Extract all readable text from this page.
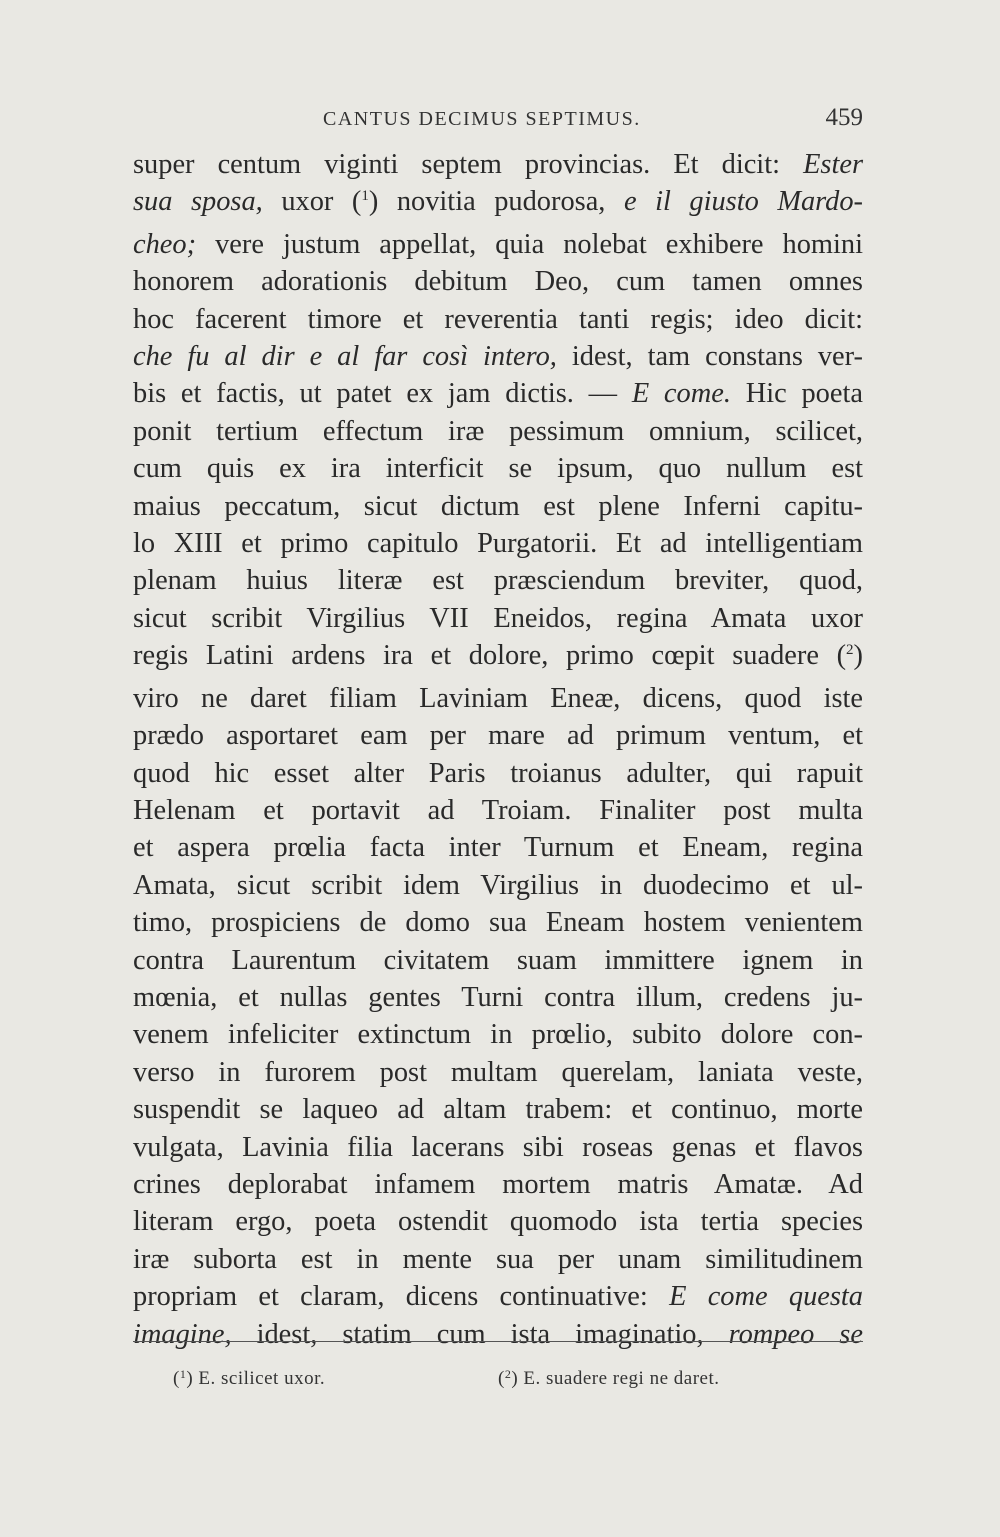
CANTUS DECIMUS SEPTIMUS.	459
super centum viginti septem provincias. Et dicit: Ester
sua sposa, uxor ($^1$) novitia pudorosa, e il giusto Mardo-
cheo; vere justum appellat, quia nolebat exhibere homini
honorem adorationis debitum Deo, cum tamen omnes
hoc facerent timore et reverentia tanti regis; ideo dicit:
che fu al dir e al far così intero, idest, tam constans ver-
bis et factis, ut patet ex jam dictis. — E come. Hic poeta
ponit tertium effectum iræ pessimum omnium, scilicet,
cum quis ex ira interficit se ipsum, quo nullum est
maius peccatum, sicut dictum est plene Inferni capitu-
lo XIII et primo capitulo Purgatorii. Et ad intelligentiam
plenam huius literæ est præsciendum breviter, quod,
sicut scribit Virgilius VII Eneidos, regina Amata uxor
regis Latini ardens ira et dolore, primo cœpit suadere ($^2$)
viro ne daret filiam Laviniam Eneæ, dicens, quod iste
prædo asportaret eam per mare ad primum ventum, et
quod hic esset alter Paris troianus adulter, qui rapuit
Helenam et portavit ad Troiam. Finaliter post multa
et aspera prœlia facta inter Turnum et Eneam, regina
Amata, sicut scribit idem Virgilius in duodecimo et ul-
timo, prospiciens de domo sua Eneam hostem venientem
contra Laurentum civitatem suam immittere ignem in
mœnia, et nullas gentes Turni contra illum, credens ju-
venem infeliciter extinctum in prœlio, subito dolore con-
verso in furorem post multam querelam, laniata veste,
suspendit se laqueo ad altam trabem: et continuo, morte
vulgata, Lavinia filia lacerans sibi roseas genas et flavos
crines deplorabat infamem mortem matris Amatæ. Ad
literam ergo, poeta ostendit quomodo ista tertia species
iræ suborta est in mente sua per unam similitudinem
propriam et claram, dicens continuative: E come questa
imagine, idest, statim cum ista imaginatio, rompeo se
($^1$) E. scilicet uxor.	($^2$) E. suadere regi ne daret.
